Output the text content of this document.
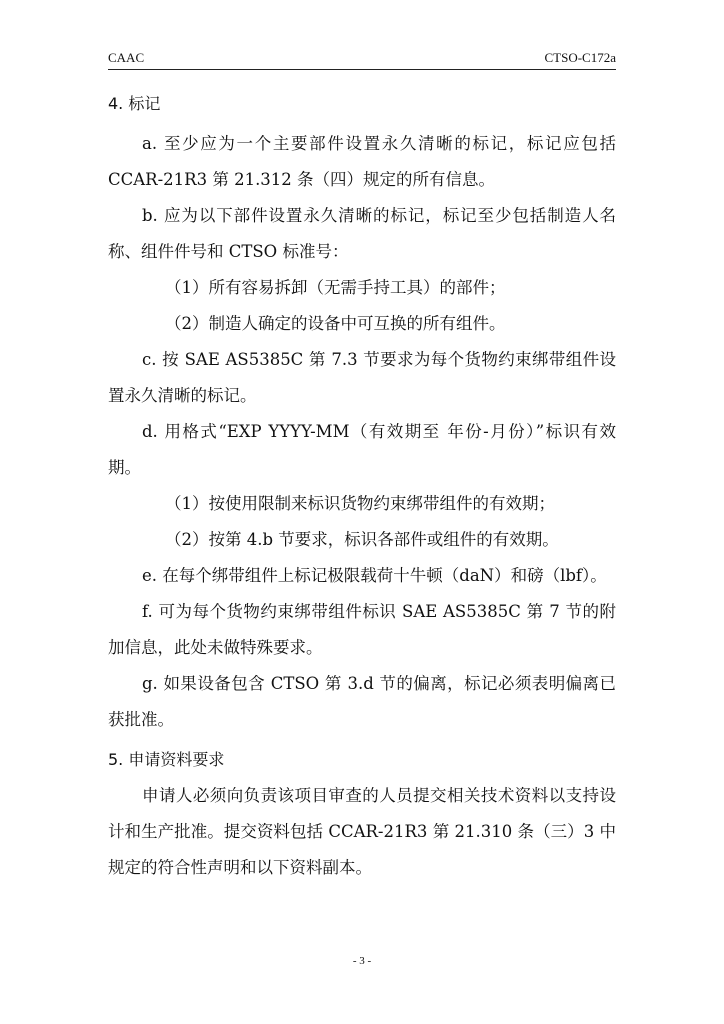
CAAC	CTSO-C172a

4. 标记

a. 至少应为一个主要部件设置永久清晰的标记，标记应包括CCAR-21R3 第 21.312 条（四）规定的所有信息。

b. 应为以下部件设置永久清晰的标记，标记至少包括制造人名称、组件件号和 CTSO 标准号：

（1）所有容易拆卸（无需手持工具）的部件；

（2）制造人确定的设备中可互换的所有组件。

c. 按 SAE AS5385C 第 7.3 节要求为每个货物约束绑带组件设置永久清晰的标记。

d. 用格式“EXP YYYY-MM（有效期至 年份-月份）”标识有效期。

（1）按使用限制来标识货物约束绑带组件的有效期；

（2）按第 4.b 节要求，标识各部件或组件的有效期。

e. 在每个绑带组件上标记极限载荷十牛顿（daN）和磅（lbf）。

f. 可为每个货物约束绑带组件标识 SAE AS5385C 第 7 节的附加信息，此处未做特殊要求。

g. 如果设备包含 CTSO 第 3.d 节的偏离，标记必须表明偏离已获批准。

5. 申请资料要求

申请人必须向负责该项目审查的人员提交相关技术资料以支持设计和生产批准。提交资料包括 CCAR-21R3 第 21.310 条（三）3 中规定的符合性声明和以下资料副本。

- 3 -
